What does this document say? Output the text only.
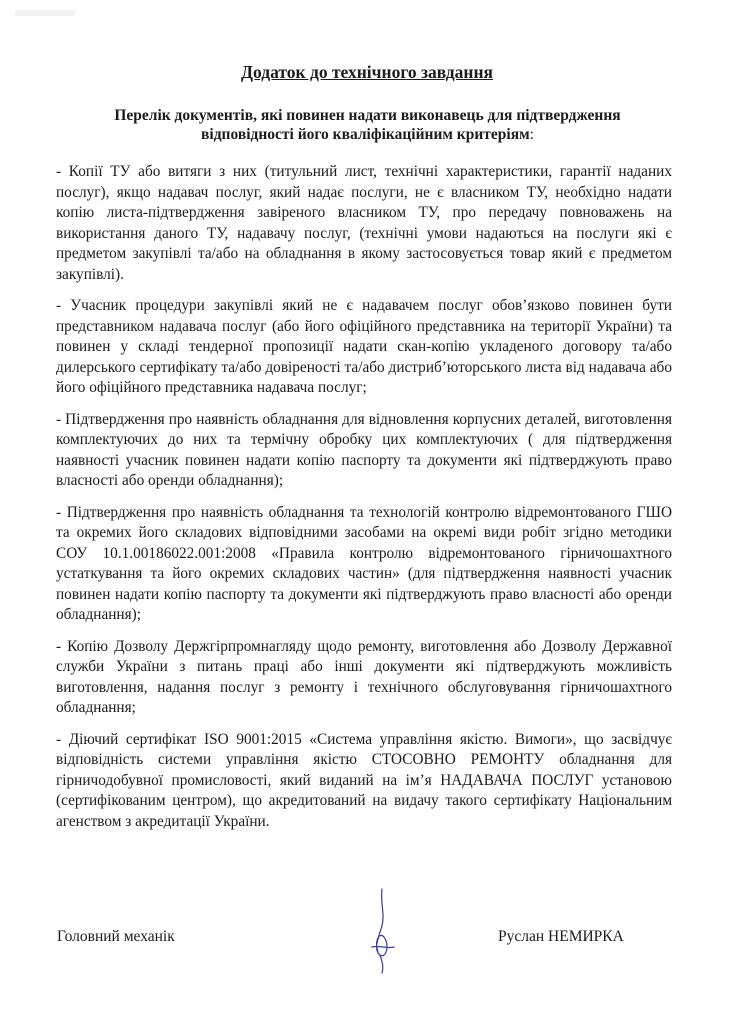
Додаток до технічного завдання
Перелік документів, які повинен надати виконавець для підтвердження відповідності його кваліфікаційним критеріям:

- Копії ТУ або витяги з них (титульний лист, технічні характеристики, гарантії наданих послуг), якщо надавач послуг, який надає послуги, не є власником ТУ, необхідно надати копію листа-підтвердження завіреного власником ТУ, про передачу повноважень на використання даного ТУ, надавачу послуг, (технічні умови надаються на послуги які є предметом закупівлі та/або на обладнання в якому застосовується товар який є предметом закупівлі).

- Учасник процедури закупівлі який не є надавачем послуг обов’язково повинен бути представником надавача послуг (або його офіційного представника на території України) та повинен у складі тендерної пропозиції надати скан-копію укладеного договору та/або дилерського сертифікату та/або довіреності та/або дистриб’юторського листа від надавача або його офіційного представника надавача послуг;

- Підтвердження про наявність обладнання для відновлення корпусних деталей, виготовлення комплектуючих до них та термічну обробку цих комплектуючих ( для підтвердження наявності учасник повинен надати копію паспорту та документи які підтверджують право власності або оренди обладнання);

- Підтвердження про наявність обладнання та технологій контролю відремонтованого ГШО та окремих його складових відповідними засобами на окремі види робіт згідно методики СОУ 10.1.00186022.001:2008 «Правила контролю відремонтованого гірничошахтного устаткування та його окремих складових частин» (для підтвердження наявності учасник повинен надати копію паспорту та документи які підтверджують право власності або оренди обладнання);

- Копію Дозволу Держгірпромнагляду щодо ремонту, виготовлення або Дозволу Державної служби України з питань праці або інші документи які підтверджують можливість виготовлення, надання послуг з ремонту і технічного обслуговування гірничошахтного обладнання;

- Діючий сертифікат ISO 9001:2015 «Система управління якістю. Вимоги», що засвідчує відповідність системи управління якістю СТОСОВНО РЕМОНТУ обладнання для гірничодобувної промисловості, який виданий на ім’я НАДАВАЧА ПОСЛУГ установою (сертифікованим центром), що акредитований на видачу такого сертифікату Національним агенством з акредитації України.

Головний механік	Руслан НЕМИРКА
